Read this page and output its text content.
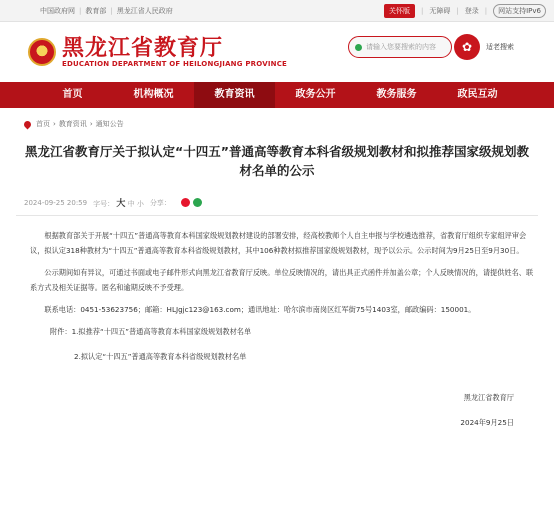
中国政府网 | 教育部 | 黑龙江省人民政府	关怀版	| 无障碍 | 登录 |	网站支持IPv6
★ 黑龙江省教育厅
EDUCATION DEPARTMENT OF HEILONGJIANG PROVINCE
请输入您要搜索的内容	✿	适老搜索
首页	机构概况	教育资讯	政务公开	教务服务	政民互动
首页 › 教育资讯 › 通知公告
黑龙江省教育厅关于拟认定“十四五”普通高等教育本科省级规划教材和拟推荐国家级规划教材名单的公示
2024-09-25 20:59 字号： 大 中 小 分享：

根据教育部关于开展“十四五”普通高等教育本科国家级规划教材建设的部署安排，经高校教师个人自主申报与学校遴选推荐，省教育厅组织专家组评审会议，拟认定318种教材为“十四五”普通高等教育本科省级规划教材，其中106种教材拟推荐国家级规划教材，现予以公示。公示时间为9月25日至9月30日。

公示期间如有异议，可通过书面或电子邮件形式向黑龙江省教育厅反映。单位反映情况的，请出具正式函件并加盖公章；个人反映情况的，请提供姓名、联系方式及相关证据等。匿名和逾期反映不予受理。

联系电话：0451-53623756；邮箱：HLJgjc123@163.com；通讯地址：哈尔滨市南岗区红军街75号1403室，邮政编码：150001。

附件：1.拟推荐“十四五”普通高等教育本科国家级规划教材名单
2.拟认定“十四五”普通高等教育本科省级规划教材名单
黑龙江省教育厅
2024年9月25日
